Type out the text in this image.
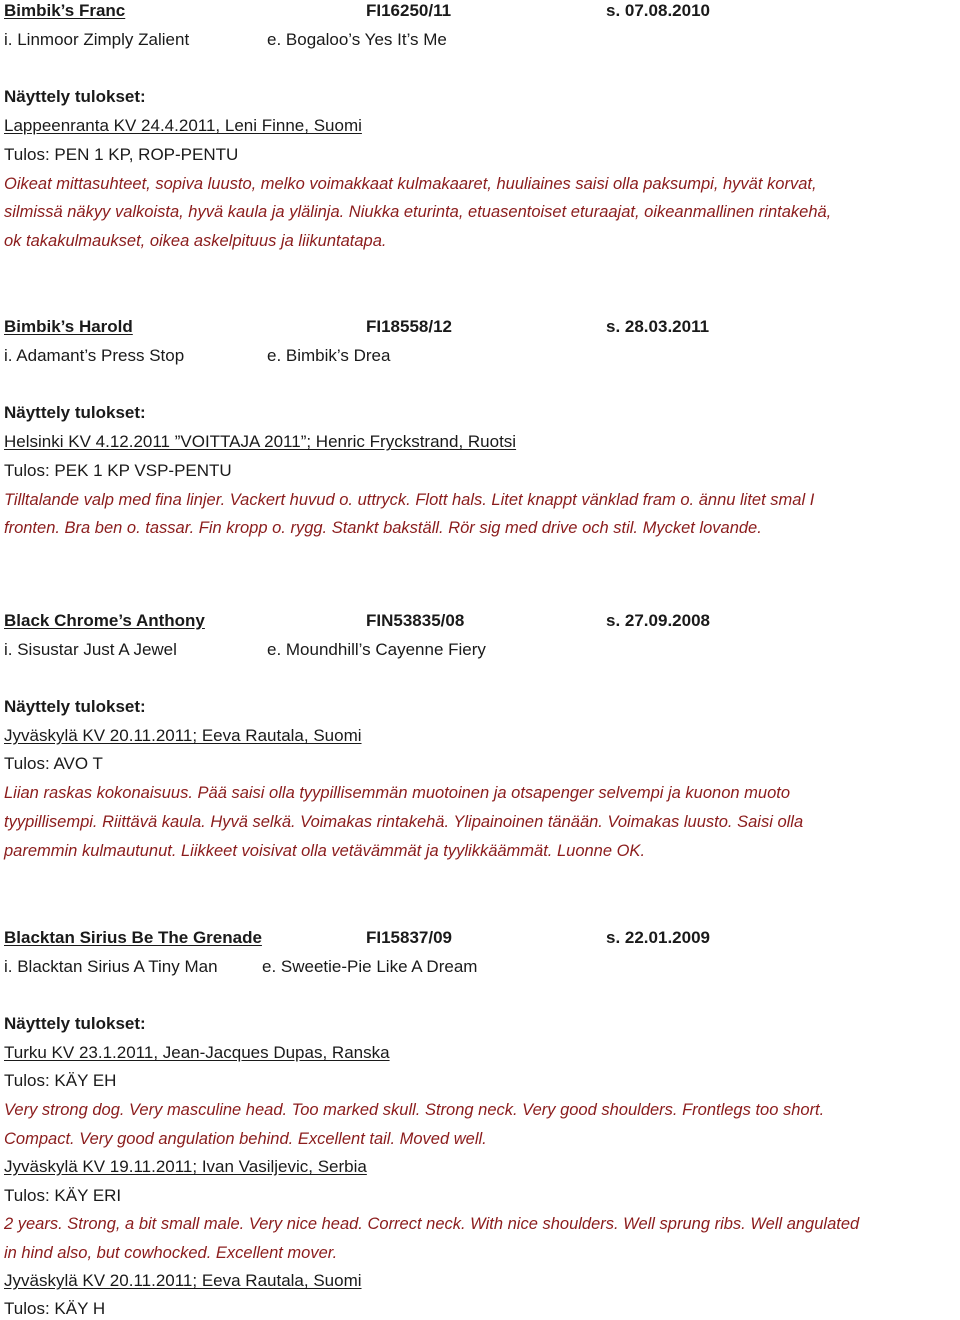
Bimbik’s Franc	FI16250/11	s. 07.08.2010
i. Linmoor Zimply Zalient	e. Bogaloo’s Yes It’s Me
Näyttely tulokset:
Lappeenranta KV 24.4.2011, Leni Finne, Suomi
Tulos: PEN 1 KP, ROP-PENTU
Oikeat mittasuhteet, sopiva luusto, melko voimakkaat kulmakaaret, huuliaines saisi olla paksumpi, hyvät korvat,
silmissä näkyy valkoista, hyvä kaula ja ylälinja. Niukka eturinta, etuasentoiset eturaajat, oikeanmallinen rintakehä,
ok takakulmaukset, oikea askelpituus ja liikuntatapa.
Bimbik’s Harold	FI18558/12	s. 28.03.2011
i. Adamant’s Press Stop	e. Bimbik’s Drea
Näyttely tulokset:
Helsinki KV 4.12.2011 ”VOITTAJA 2011”; Henric Fryckstrand, Ruotsi
Tulos: PEK 1 KP VSP-PENTU
Tilltalande valp med fina linjer. Vackert huvud o. uttryck. Flott hals. Litet knappt vänklad fram o. ännu litet smal I
fronten. Bra ben o. tassar. Fin kropp o. rygg. Stankt bakställ. Rör sig med drive och stil. Mycket lovande.
Black Chrome’s Anthony	FIN53835/08	s. 27.09.2008
i. Sisustar Just A Jewel	e. Moundhill’s Cayenne Fiery
Näyttely tulokset:
Jyväskylä KV 20.11.2011; Eeva Rautala, Suomi
Tulos: AVO T
Liian raskas kokonaisuus. Pää saisi olla tyypillisemmän muotoinen ja otsapenger selvempi ja kuonon muoto
tyypillisempi. Riittävä kaula. Hyvä selkä. Voimakas rintakehä. Ylipainoinen tänään. Voimakas luusto. Saisi olla
paremmin kulmautunut. Liikkeet voisivat olla vetävämmät ja tyylikkäämmät. Luonne OK.
Blacktan Sirius Be The Grenade	FI15837/09	s. 22.01.2009
i. Blacktan Sirius A Tiny Man	e. Sweetie-Pie Like A Dream
Näyttely tulokset:
Turku KV 23.1.2011, Jean-Jacques Dupas, Ranska
Tulos: KÄY EH
Very strong dog. Very masculine head. Too marked skull. Strong neck. Very good shoulders. Frontlegs too short.
Compact. Very good angulation behind. Excellent tail. Moved well.
Jyväskylä KV 19.11.2011; Ivan Vasiljevic, Serbia
Tulos: KÄY ERI
2 years. Strong, a bit small male. Very nice head. Correct neck. With nice shoulders. Well sprung ribs. Well angulated
in hind also, but cowhocked. Excellent mover.
Jyväskylä KV 20.11.2011; Eeva Rautala, Suomi
Tulos: KÄY H
